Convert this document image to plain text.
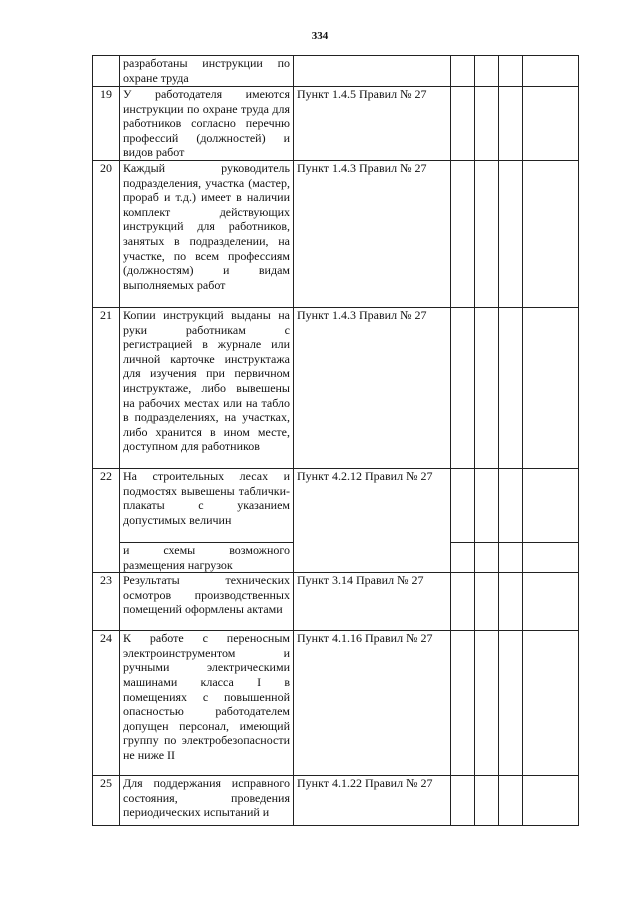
334
	разработаны инструкции по охране труда					
19	У работодателя имеются инструкции по охране труда для работников согласно перечню профессий (должностей) и видов работ	Пункт 1.4.5 Правил № 27				
20	Каждый руководитель подразделения, участка (мастер, прораб и т.д.) имеет в наличии комплект действующих инструкций для работников, занятых в подразделении, на участке, по всем профессиям (должностям) и видам выполняемых работ	Пункт 1.4.3 Правил № 27				
21	Копии инструкций выданы на руки работникам с регистрацией в журнале или личной карточке инструктажа для изучения при первичном инструктаже, либо вывешены на рабочих местах или на табло в подразделениях, на участках, либо хранится в ином месте, доступном для работников	Пункт 1.4.3 Правил № 27				
22	На строительных лесах и подмостях вывешены таблички-плакаты с указанием допустимых величин	Пункт 4.2.12 Правил № 27				
	и схемы возможного размещения нагрузок					
23	Результаты технических осмотров производственных помещений оформлены актами	Пункт 3.14 Правил № 27				
24	К работе с переносным электроинструментом и ручными электрическими машинами класса I в помещениях с повышенной опасностью работодателем допущен персонал, имеющий группу по электробезопасности не ниже II	Пункт 4.1.16 Правил № 27				
25	Для поддержания исправного состояния, проведения периодических испытаний и	Пункт 4.1.22 Правил № 27				
